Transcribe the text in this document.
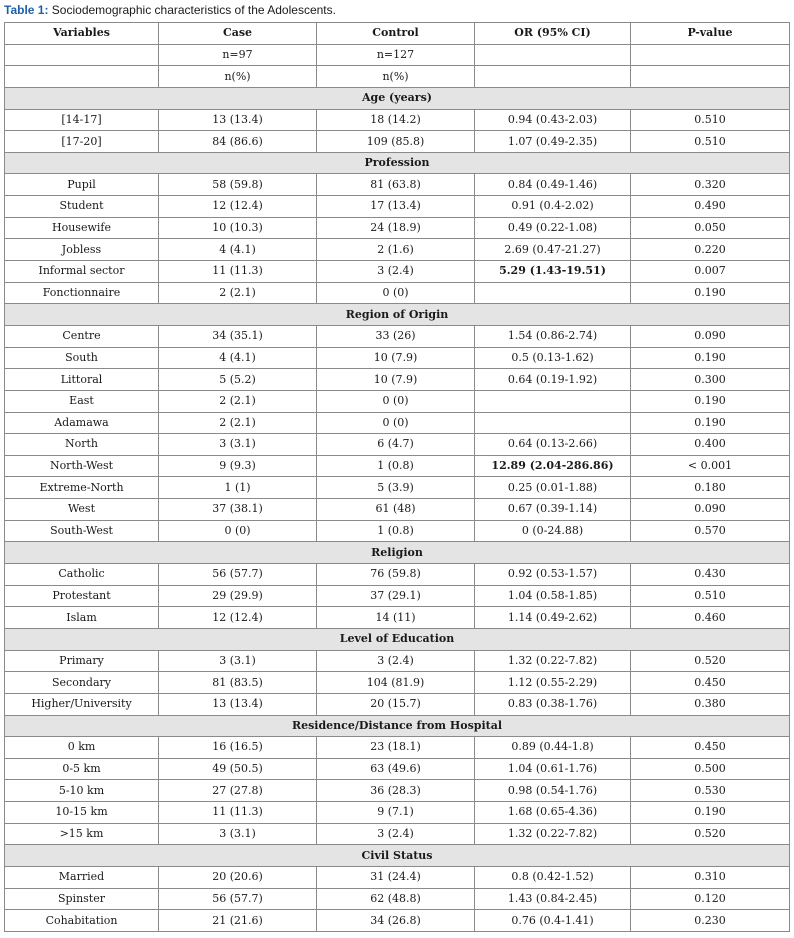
Table 1: Sociodemographic characteristics of the Adolescents.
Variables	Case	Control	OR (95% CI)	P-value
	n=97	n=127		
	n(%)	n(%)		
Age (years)				
[14-17]	13 (13.4)	18 (14.2)	0.94 (0.43-2.03)	0.510
[17-20]	84 (86.6)	109 (85.8)	1.07 (0.49-2.35)	0.510
Profession				
Pupil	58 (59.8)	81 (63.8)	0.84 (0.49-1.46)	0.320
Student	12 (12.4)	17 (13.4)	0.91 (0.4-2.02)	0.490
Housewife	10 (10.3)	24 (18.9)	0.49 (0.22-1.08)	0.050
Jobless	4 (4.1)	2 (1.6)	2.69 (0.47-21.27)	0.220
Informal sector	11 (11.3)	3 (2.4)	5.29 (1.43-19.51)	0.007
Fonctionnaire	2 (2.1)	0 (0)		0.190
Region of Origin				
Centre	34 (35.1)	33 (26)	1.54 (0.86-2.74)	0.090
South	4 (4.1)	10 (7.9)	0.5 (0.13-1.62)	0.190
Littoral	5 (5.2)	10 (7.9)	0.64 (0.19-1.92)	0.300
East	2 (2.1)	0 (0)		0.190
Adamawa	2 (2.1)	0 (0)		0.190
North	3 (3.1)	6 (4.7)	0.64 (0.13-2.66)	0.400
North-West	9 (9.3)	1 (0.8)	12.89 (2.04-286.86)	< 0.001
Extreme-North	1 (1)	5 (3.9)	0.25 (0.01-1.88)	0.180
West	37 (38.1)	61 (48)	0.67 (0.39-1.14)	0.090
South-West	0 (0)	1 (0.8)	0 (0-24.88)	0.570
Religion				
Catholic	56 (57.7)	76 (59.8)	0.92 (0.53-1.57)	0.430
Protestant	29 (29.9)	37 (29.1)	1.04 (0.58-1.85)	0.510
Islam	12 (12.4)	14 (11)	1.14 (0.49-2.62)	0.460
Level of Education				
Primary	3 (3.1)	3 (2.4)	1.32 (0.22-7.82)	0.520
Secondary	81 (83.5)	104 (81.9)	1.12 (0.55-2.29)	0.450
Higher/University	13 (13.4)	20 (15.7)	0.83 (0.38-1.76)	0.380
Residence/Distance from Hospital				
0 km	16 (16.5)	23 (18.1)	0.89 (0.44-1.8)	0.450
0-5 km	49 (50.5)	63 (49.6)	1.04 (0.61-1.76)	0.500
5-10 km	27 (27.8)	36 (28.3)	0.98 (0.54-1.76)	0.530
10-15 km	11 (11.3)	9 (7.1)	1.68 (0.65-4.36)	0.190
>15 km	3 (3.1)	3 (2.4)	1.32 (0.22-7.82)	0.520
Civil Status				
Married	20 (20.6)	31 (24.4)	0.8 (0.42-1.52)	0.310
Spinster	56 (57.7)	62 (48.8)	1.43 (0.84-2.45)	0.120
Cohabitation	21 (21.6)	34 (26.8)	0.76 (0.4-1.41)	0.230
